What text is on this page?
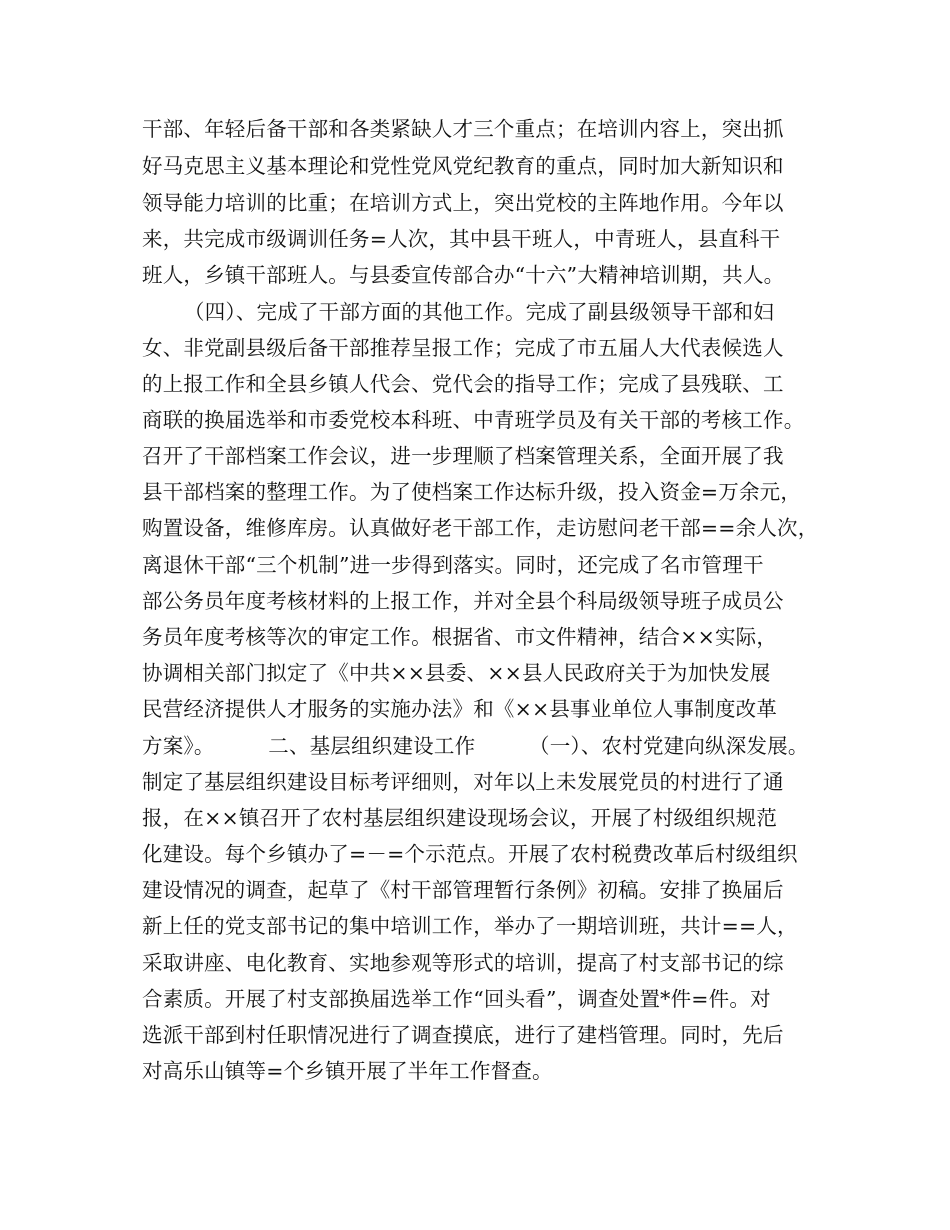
干部、年轻后备干部和各类紧缺人才三个重点；在培训内容上，突出抓
好马克思主义基本理论和党性党风党纪教育的重点，同时加大新知识和
领导能力培训的比重；在培训方式上，突出党校的主阵地作用。今年以
来，共完成市级调训任务=人次，其中县干班人，中青班人，县直科干
班人，乡镇干部班人。与县委宣传部合办“十六”大精神培训期，共人。
（四）、完成了干部方面的其他工作。完成了副县级领导干部和妇
女、非党副县级后备干部推荐呈报工作；完成了市五届人大代表候选人
的上报工作和全县乡镇人代会、党代会的指导工作；完成了县残联、工
商联的换届选举和市委党校本科班、中青班学员及有关干部的考核工作。
召开了干部档案工作会议，进一步理顺了档案管理关系，全面开展了我
县干部档案的整理工作。为了使档案工作达标升级，投入资金=万余元，
购置设备，维修库房。认真做好老干部工作，走访慰问老干部==余人次，
离退休干部“三个机制”进一步得到落实。同时，还完成了名市管理干
部公务员年度考核材料的上报工作，并对全县个科局级领导班子成员公
务员年度考核等次的审定工作。根据省、市文件精神，结合××实际，
协调相关部门拟定了《中共××县委、××县人民政府关于为加快发展
民营经济提供人才服务的实施办法》和《××县事业单位人事制度改革
方案》。        二、基层组织建设工作        （一）、农村党建向纵深发展。
制定了基层组织建设目标考评细则，对年以上未发展党员的村进行了通
报，在××镇召开了农村基层组织建设现场会议，开展了村级组织规范
化建设。每个乡镇办了=－=个示范点。开展了农村税费改革后村级组织
建设情况的调查，起草了《村干部管理暂行条例》初稿。安排了换届后
新上任的党支部书记的集中培训工作，举办了一期培训班，共计==人，
采取讲座、电化教育、实地参观等形式的培训，提高了村支部书记的综
合素质。开展了村支部换届选举工作“回头看”，调查处置*件=件。对
选派干部到村任职情况进行了调查摸底，进行了建档管理。同时，先后
对高乐山镇等=个乡镇开展了半年工作督查。
